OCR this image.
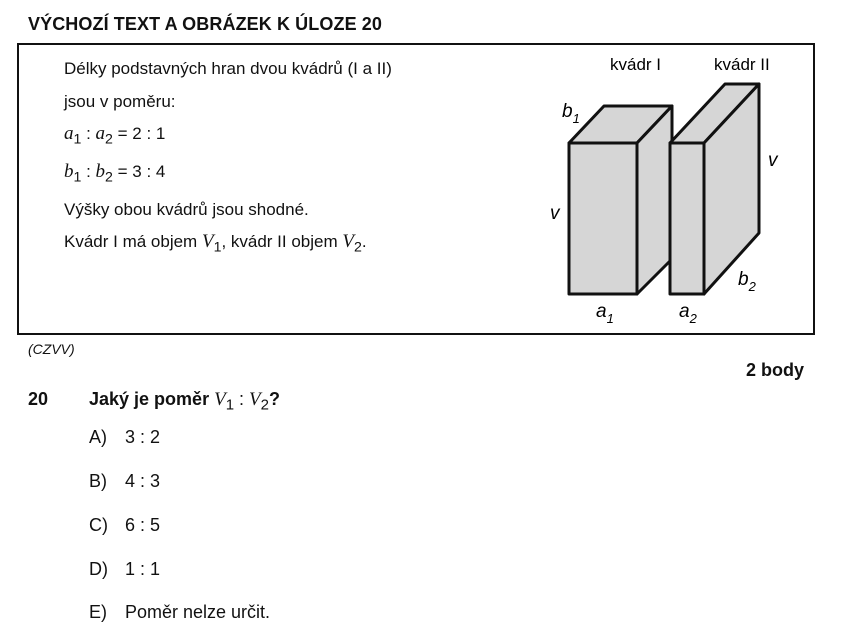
VÝCHOZÍ TEXT A OBRÁZEK K ÚLOZE 20
Délky podstavných hran dvou kvádrů (I a II)
jsou v poměru:
$a_1$ : $a_2 = 2$ : 1
$b_1$ : $b_2 = 3$ : 4
Výšky obou kvádrů jsou shodné.
Kvádr I má objem $V_1$, kvádr II objem $V_2$.
kvádr I	kvádr II
$b_1$
v
v
$b_2$
$a_1$	$a_2$
(CZVV)
2 body
20 Jaký je poměr $V_1$ : $V_2$?
A) 3 : 2
B) 4 : 3
C) 6 : 5
D) 1 : 1
E) Poměr nelze určit.
